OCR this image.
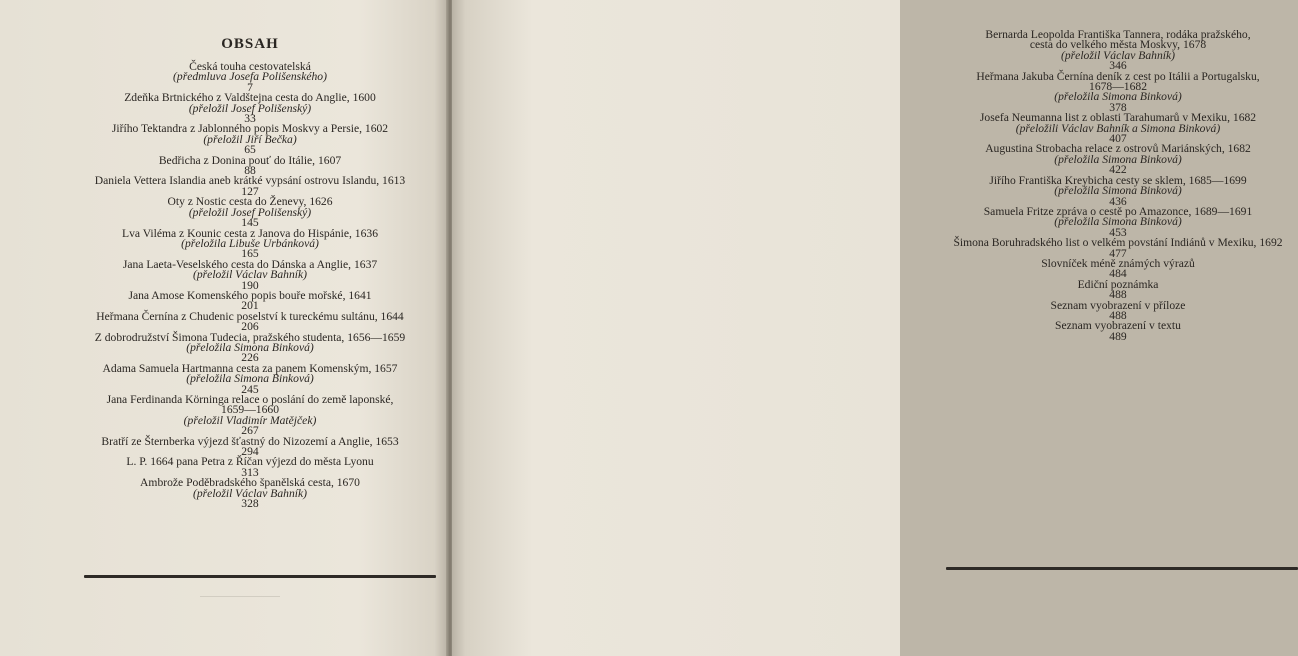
OBSAH
Česká touha cestovatelská
(předmluva Josefa Polišenského)
7
Zdeňka Brtnického z Valdštejna cesta do Anglie, 1600
(přeložil Josef Polišenský)
33
Jiřího Tektandra z Jablonného popis Moskvy a Persie, 1602
(přeložil Jiří Bečka)
65
Bedřicha z Donina pouť do Itálie, 1607
88
Daniela Vettera Islandia aneb krátké vypsání ostrovu Islandu, 1613
127
Oty z Nostic cesta do Ženevy, 1626
(přeložil Josef Polišenský)
145
Lva Viléma z Kounic cesta z Janova do Hispánie, 1636
(přeložila Libuše Urbánková)
165
Jana Laeta-Veselského cesta do Dánska a Anglie, 1637
(přeložil Václav Bahník)
190
Jana Amose Komenského popis bouře mořské, 1641
201
Heřmana Černína z Chudenic poselství k tureckému sultánu, 1644
206
Z dobrodružství Šimona Tudecia, pražského studenta, 1656—1659
(přeložila Simona Binková)
226
Adama Samuela Hartmanna cesta za panem Komenským, 1657
(přeložila Simona Binková)
245
Jana Ferdinanda Körninga relace o poslání do země laponské,
1659—1660
(přeložil Vladimír Matějček)
267
Bratří ze Šternberka výjezd šťastný do Nizozemí a Anglie, 1653
294
L. P. 1664 pana Petra z Říčan výjezd do města Lyonu
313
Ambrože Poděbradského španělská cesta, 1670
(přeložil Václav Bahník)
328
Bernarda Leopolda Františka Tannera, rodáka pražského,
cesta do velkého města Moskvy, 1678
(přeložil Václav Bahník)
346
Heřmana Jakuba Černína deník z cest po Itálii a Portugalsku,
1678—1682
(přeložila Simona Binková)
378
Josefa Neumanna list z oblasti Tarahumarů v Mexiku, 1682
(přeložili Václav Bahník a Simona Binková)
407
Augustina Strobacha relace z ostrovů Mariánských, 1682
(přeložila Simona Binková)
422
Jiřího Františka Kreybicha cesty se sklem, 1685—1699
(přeložila Simona Binková)
436
Samuela Fritze zpráva o cestě po Amazonce, 1689—1691
(přeložila Simona Binková)
453
Šimona Boruhradského list o velkém povstání Indiánů v Mexiku, 1692
477
Slovníček méně známých výrazů
484
Ediční poznámka
488
Seznam vyobrazení v příloze
488
Seznam vyobrazení v textu
489
